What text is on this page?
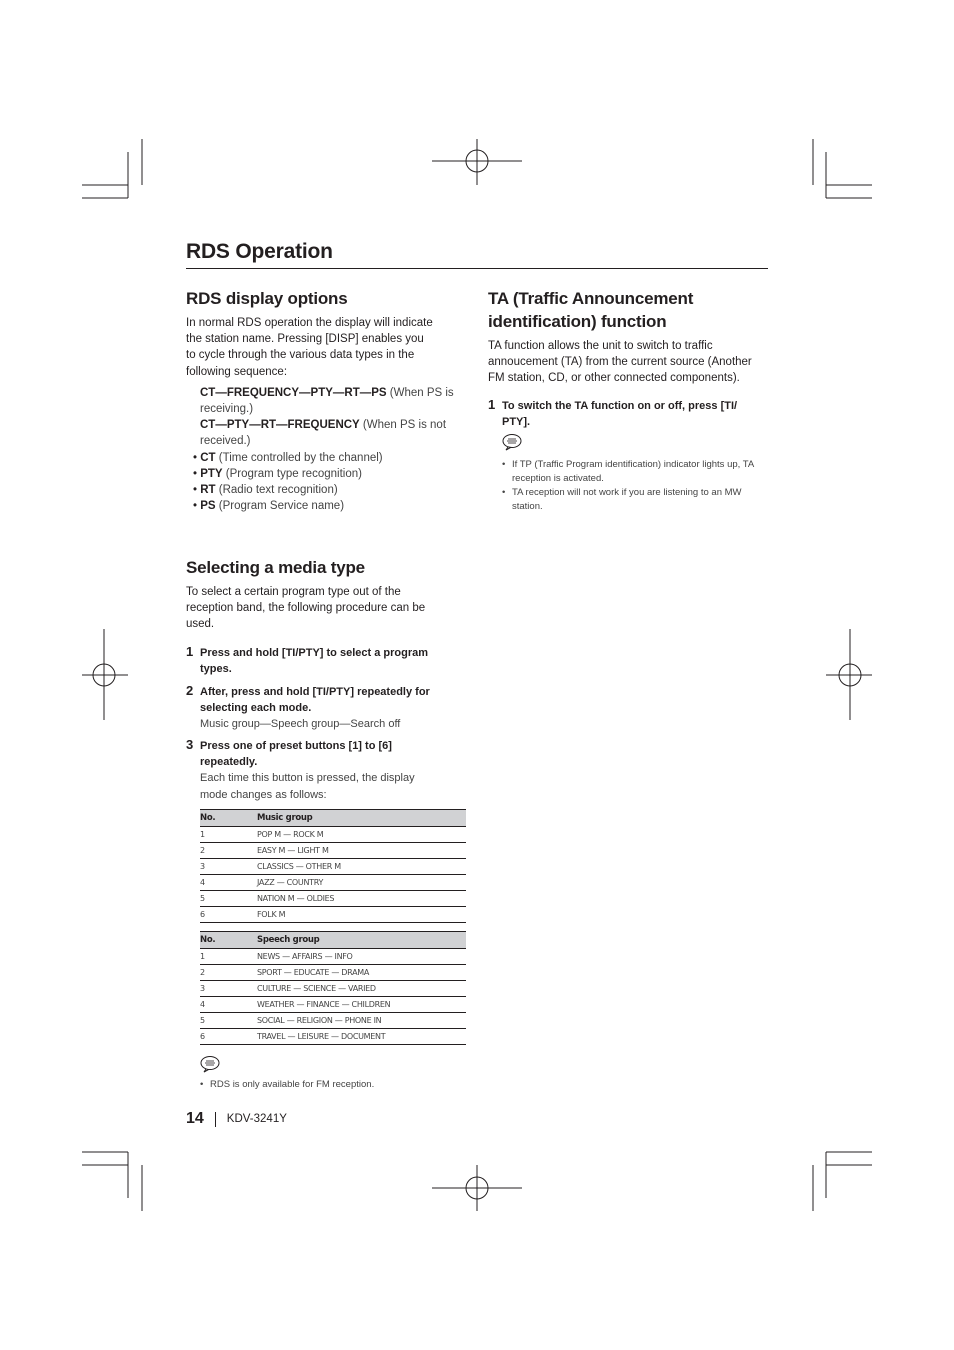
RDS Operation
RDS display options
In normal RDS operation the display will indicate
the station name. Pressing [DISP] enables you
to cycle through the various data types in the
following sequence:
CT—FREQUENCY—PTY—RT—PS (When PS is
receiving.)
CT—PTY—RT—FREQUENCY (When PS is not
received.)
• CT (Time controlled by the channel)
• PTY (Program type recognition)
• RT (Radio text recognition)
• PS (Program Service name)
Selecting a media type
To select a certain program type out of the
reception band, the following procedure can be
used.
1 Press and hold [TI/PTY] to select a program
types.
2 After, press and hold [TI/PTY] repeatedly for
selecting each mode.
Music group—Speech group—Search off
3 Press one of preset buttons [1] to [6]
repeatedly.
Each time this button is pressed, the display
mode changes as follows:
No.	Music group
1	POP M — ROCK M
2	EASY M — LIGHT M
3	CLASSICS — OTHER M
4	JAZZ — COUNTRY
5	NATION M — OLDIES
6	FOLK M
No.	Speech group
1	NEWS — AFFAIRS — INFO
2	SPORT — EDUCATE — DRAMA
3	CULTURE — SCIENCE — VARIED
4	WEATHER — FINANCE — CHILDREN
5	SOCIAL — RELIGION — PHONE IN
6	TRAVEL — LEISURE — DOCUMENT
• RDS is only available for FM reception.
TA (Traffic Announcement
identification) function
TA function allows the unit to switch to traffic
annoucement (TA) from the current source (Another
FM station, CD, or other connected components).
1 To switch the TA function on or off, press [TI/
PTY].
• If TP (Traffic Program identification) indicator lights up, TA
reception is activated.
• TA reception will not work if you are listening to an MW
station.
14 KDV-3241Y
